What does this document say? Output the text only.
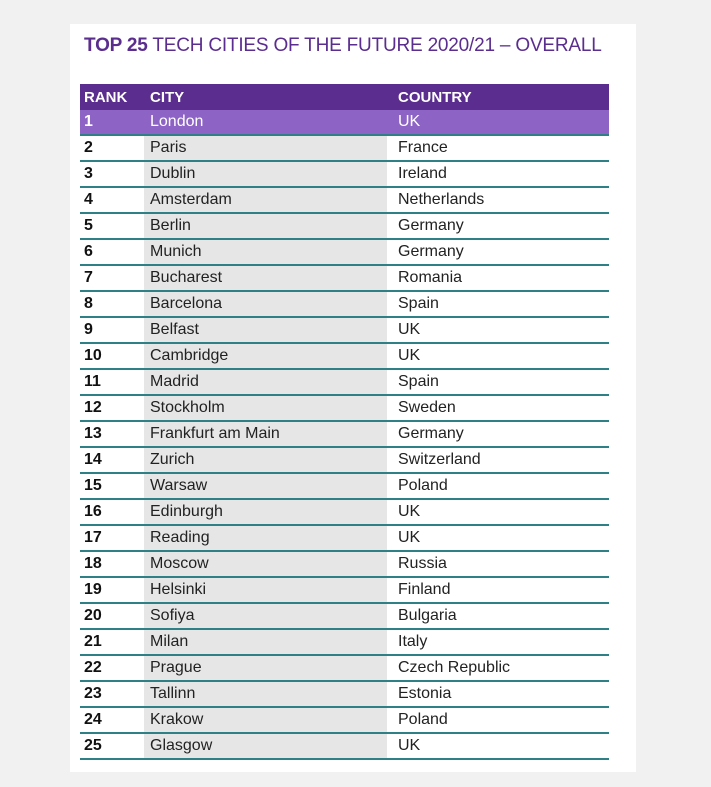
TOP 25 TECH CITIES OF THE FUTURE 2020/21 – OVERALL
RANK	CITY	COUNTRY
1	London	UK
2	Paris	France
3	Dublin	Ireland
4	Amsterdam	Netherlands
5	Berlin	Germany
6	Munich	Germany
7	Bucharest	Romania
8	Barcelona	Spain
9	Belfast	UK
10	Cambridge	UK
11	Madrid	Spain
12	Stockholm	Sweden
13	Frankfurt am Main	Germany
14	Zurich	Switzerland
15	Warsaw	Poland
16	Edinburgh	UK
17	Reading	UK
18	Moscow	Russia
19	Helsinki	Finland
20	Sofiya	Bulgaria
21	Milan	Italy
22	Prague	Czech Republic
23	Tallinn	Estonia
24	Krakow	Poland
25	Glasgow	UK
